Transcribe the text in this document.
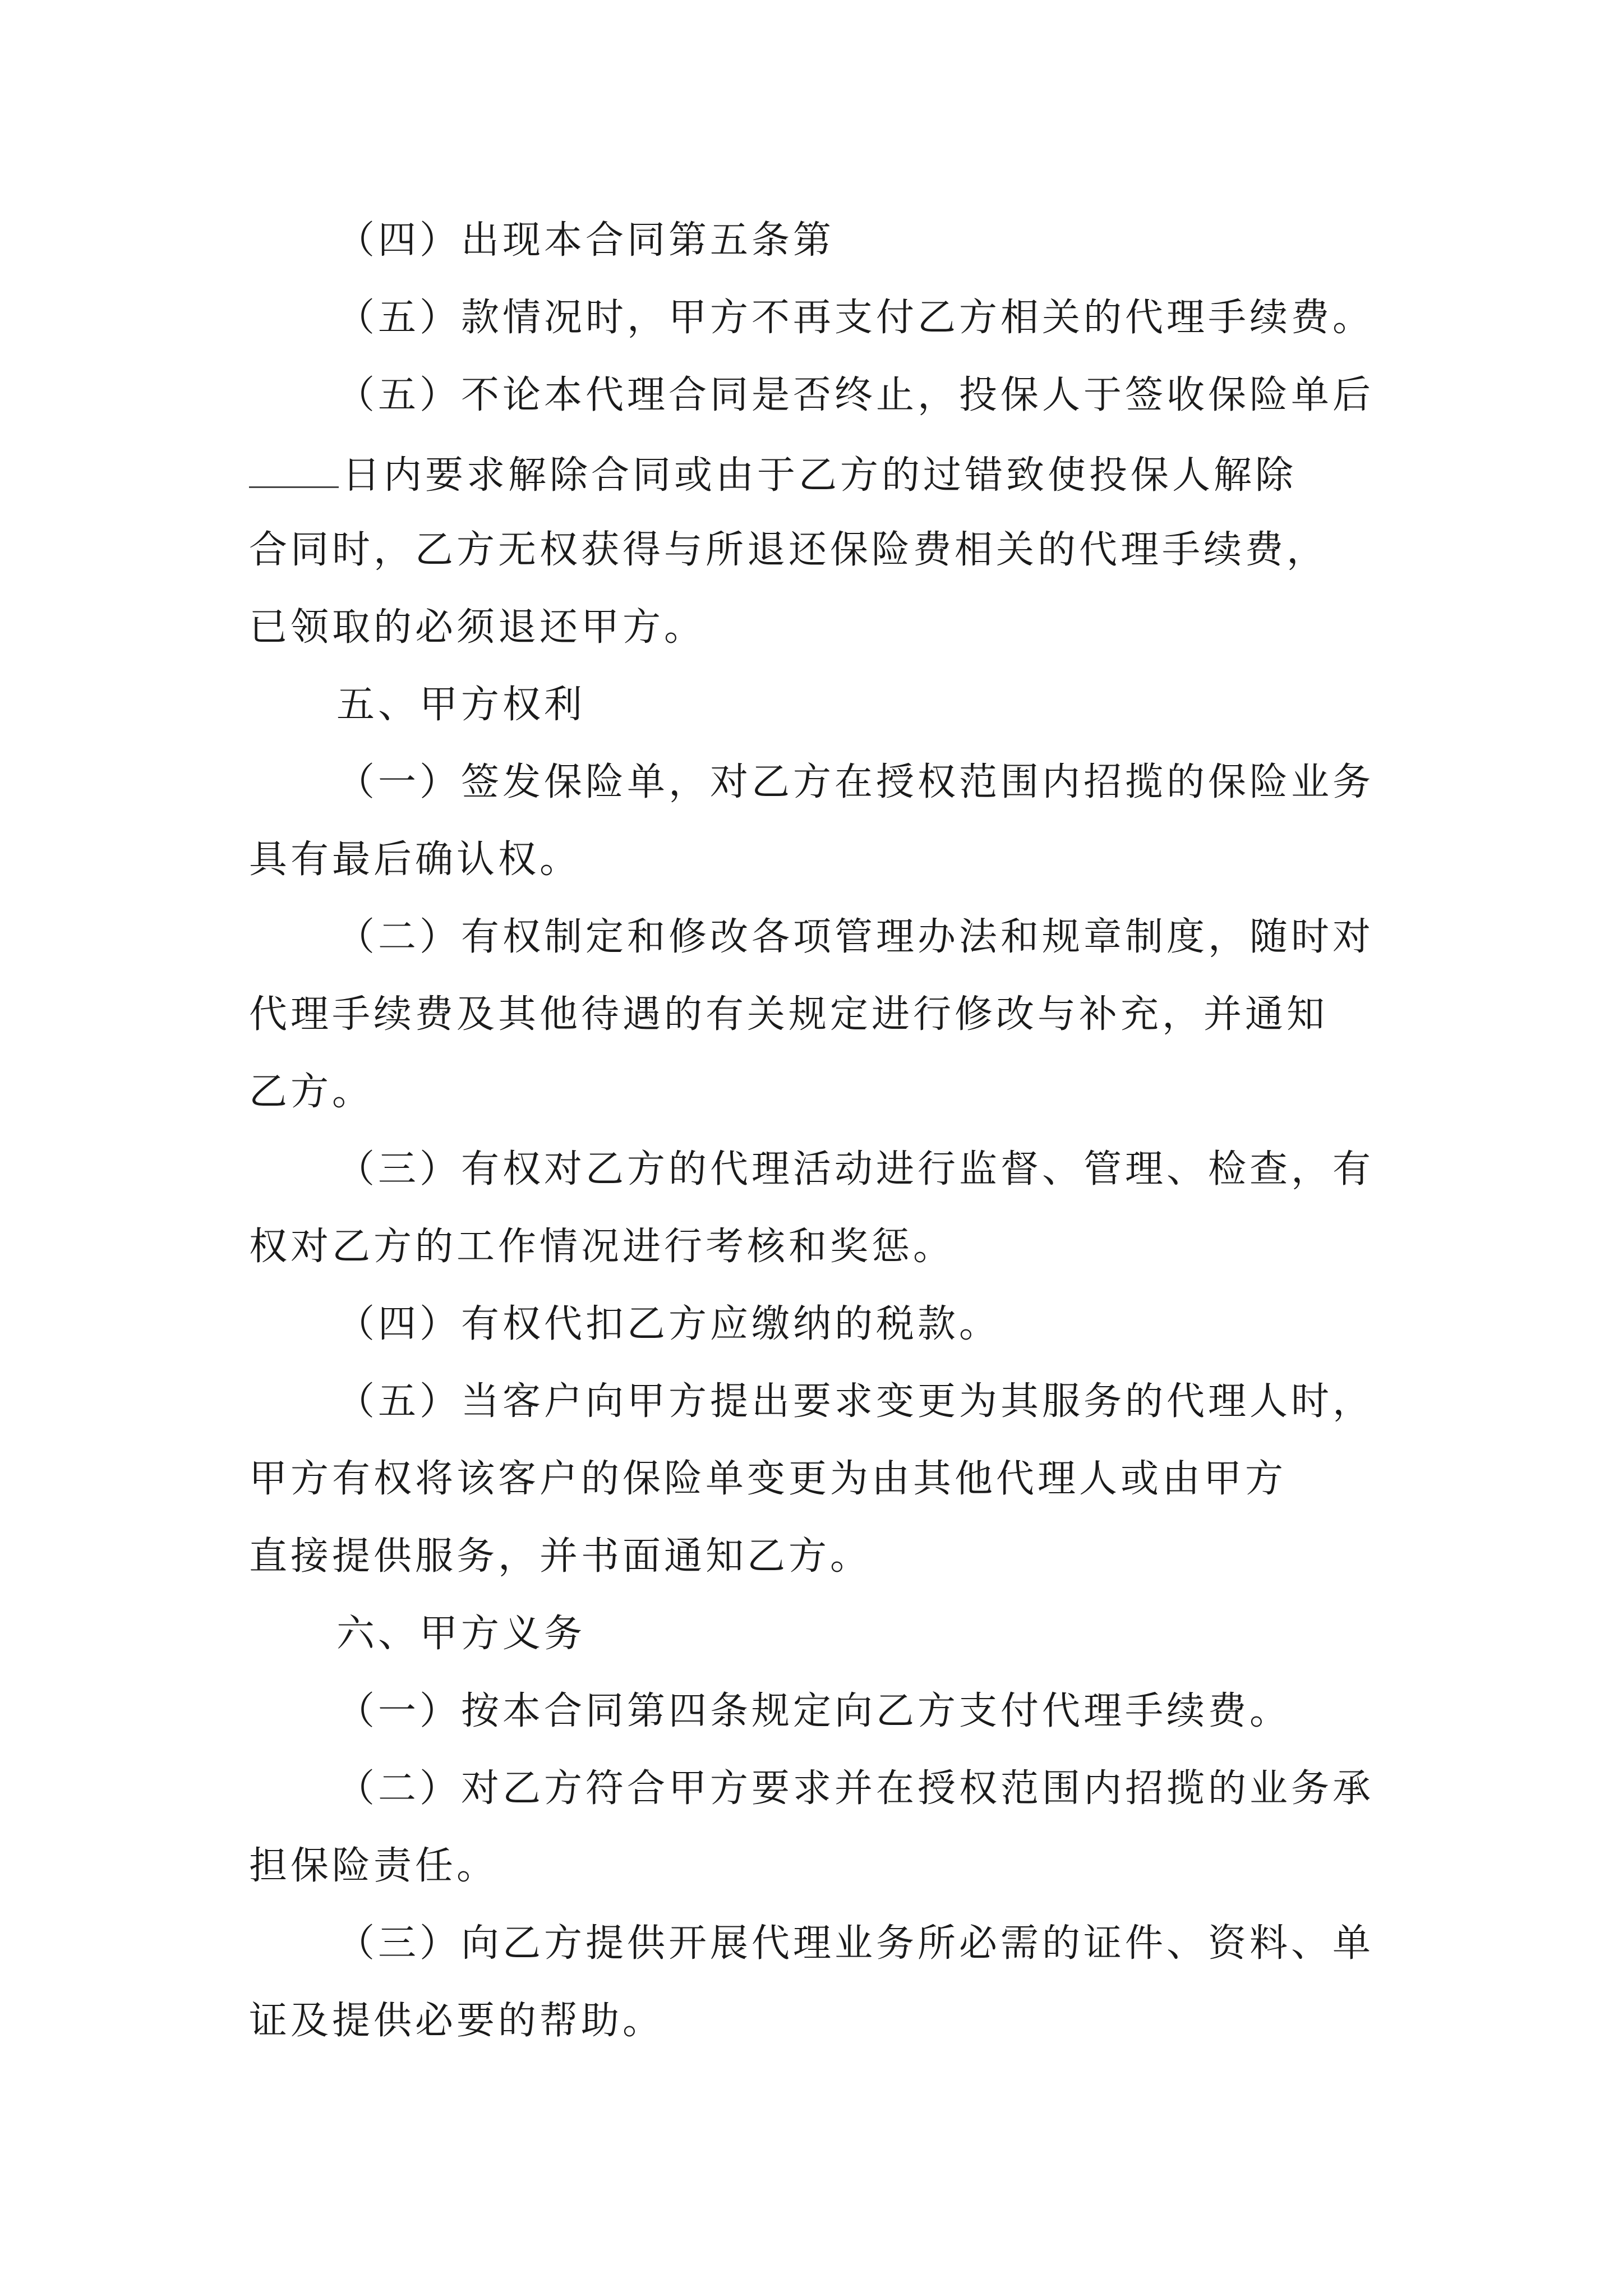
（四）出现本合同第五条第
（五）款情况时，甲方不再支付乙方相关的代理手续费。
（五）不论本代理合同是否终止，投保人于签收保险单后
日内要求解除合同或由于乙方的过错致使投保人解除
合同时，乙方无权获得与所退还保险费相关的代理手续费，
已领取的必须退还甲方。
五、甲方权利
（一）签发保险单，对乙方在授权范围内招揽的保险业务
具有最后确认权。
（二）有权制定和修改各项管理办法和规章制度，随时对
代理手续费及其他待遇的有关规定进行修改与补充，并通知
乙方。
（三）有权对乙方的代理活动进行监督、管理、检查，有
权对乙方的工作情况进行考核和奖惩。
（四）有权代扣乙方应缴纳的税款。
（五）当客户向甲方提出要求变更为其服务的代理人时，
甲方有权将该客户的保险单变更为由其他代理人或由甲方
直接提供服务，并书面通知乙方。
六、甲方义务
（一）按本合同第四条规定向乙方支付代理手续费。
（二）对乙方符合甲方要求并在授权范围内招揽的业务承
担保险责任。
（三）向乙方提供开展代理业务所必需的证件、资料、单
证及提供必要的帮助。
